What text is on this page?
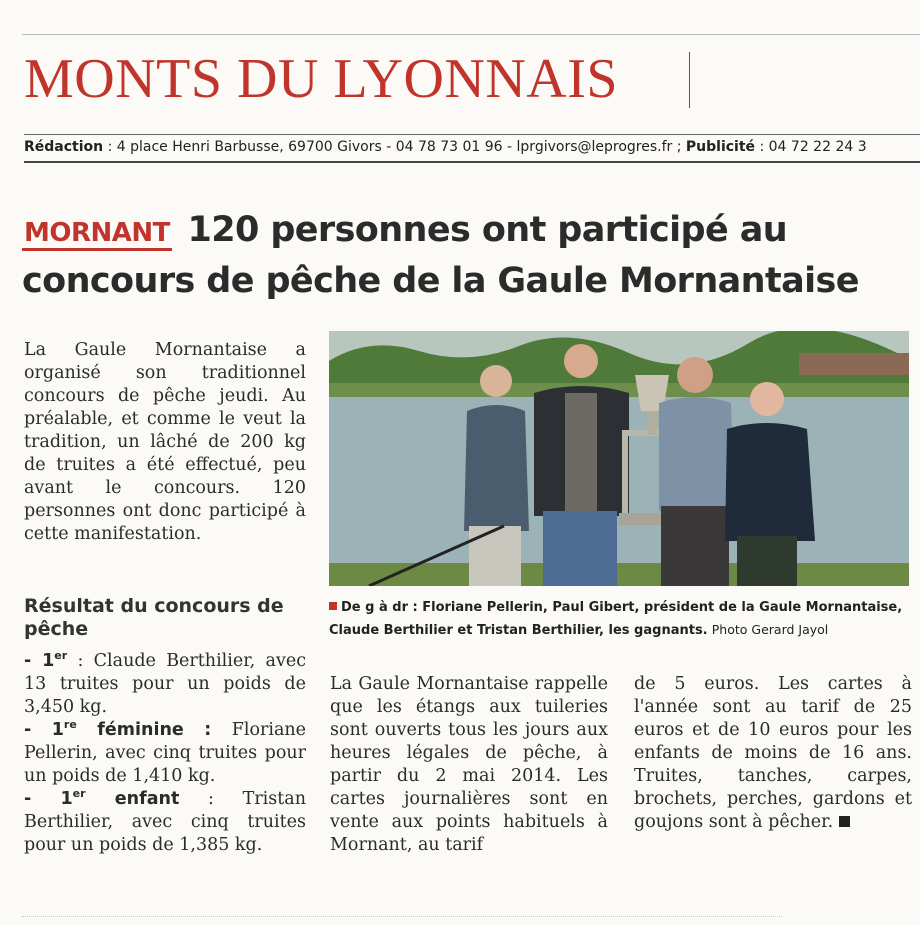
MONTS DU LYONNAIS
Rédaction : 4 place Henri Barbusse, 69700 Givors - 04 78 73 01 96 - lprgivors@leprogres.fr ; Publicité : 04 72 22 24 3
MORNANT 120 personnes ont participé au concours de pêche de la Gaule Mornantaise

La Gaule Mornantaise a organisé son traditionnel concours de pêche jeudi. Au préalable, et comme le veut la tradition, un lâché de 200 kg de truites a été effectué, peu avant le concours. 120 personnes ont donc participé à cette manifestation.

Résultat du concours de pêche

- 1er : Claude Berthilier, avec 13 truites pour un poids de 3,450 kg.

- 1re féminine : Floriane Pellerin, avec cinq truites pour un poids de 1,410 kg.

- 1er enfant : Tristan Berthilier, avec cinq truites pour un poids de 1,385 kg.

De g à dr : Floriane Pellerin, Paul Gibert, président de la Gaule Mornantaise, Claude Berthilier et Tristan Berthilier, les gagnants. Photo Gerard Jayol

La Gaule Mornantaise rappelle que les étangs aux tuileries sont ouverts tous les jours aux heures légales de pêche, à partir du 2 mai 2014. Les cartes journalières sont en vente aux points habituels à Mornant, au tarif

de 5 euros. Les cartes à l'année sont au tarif de 25 euros et de 10 euros pour les enfants de moins de 16 ans. Truites, tanches, carpes, brochets, perches, gardons et goujons sont à pêcher.
